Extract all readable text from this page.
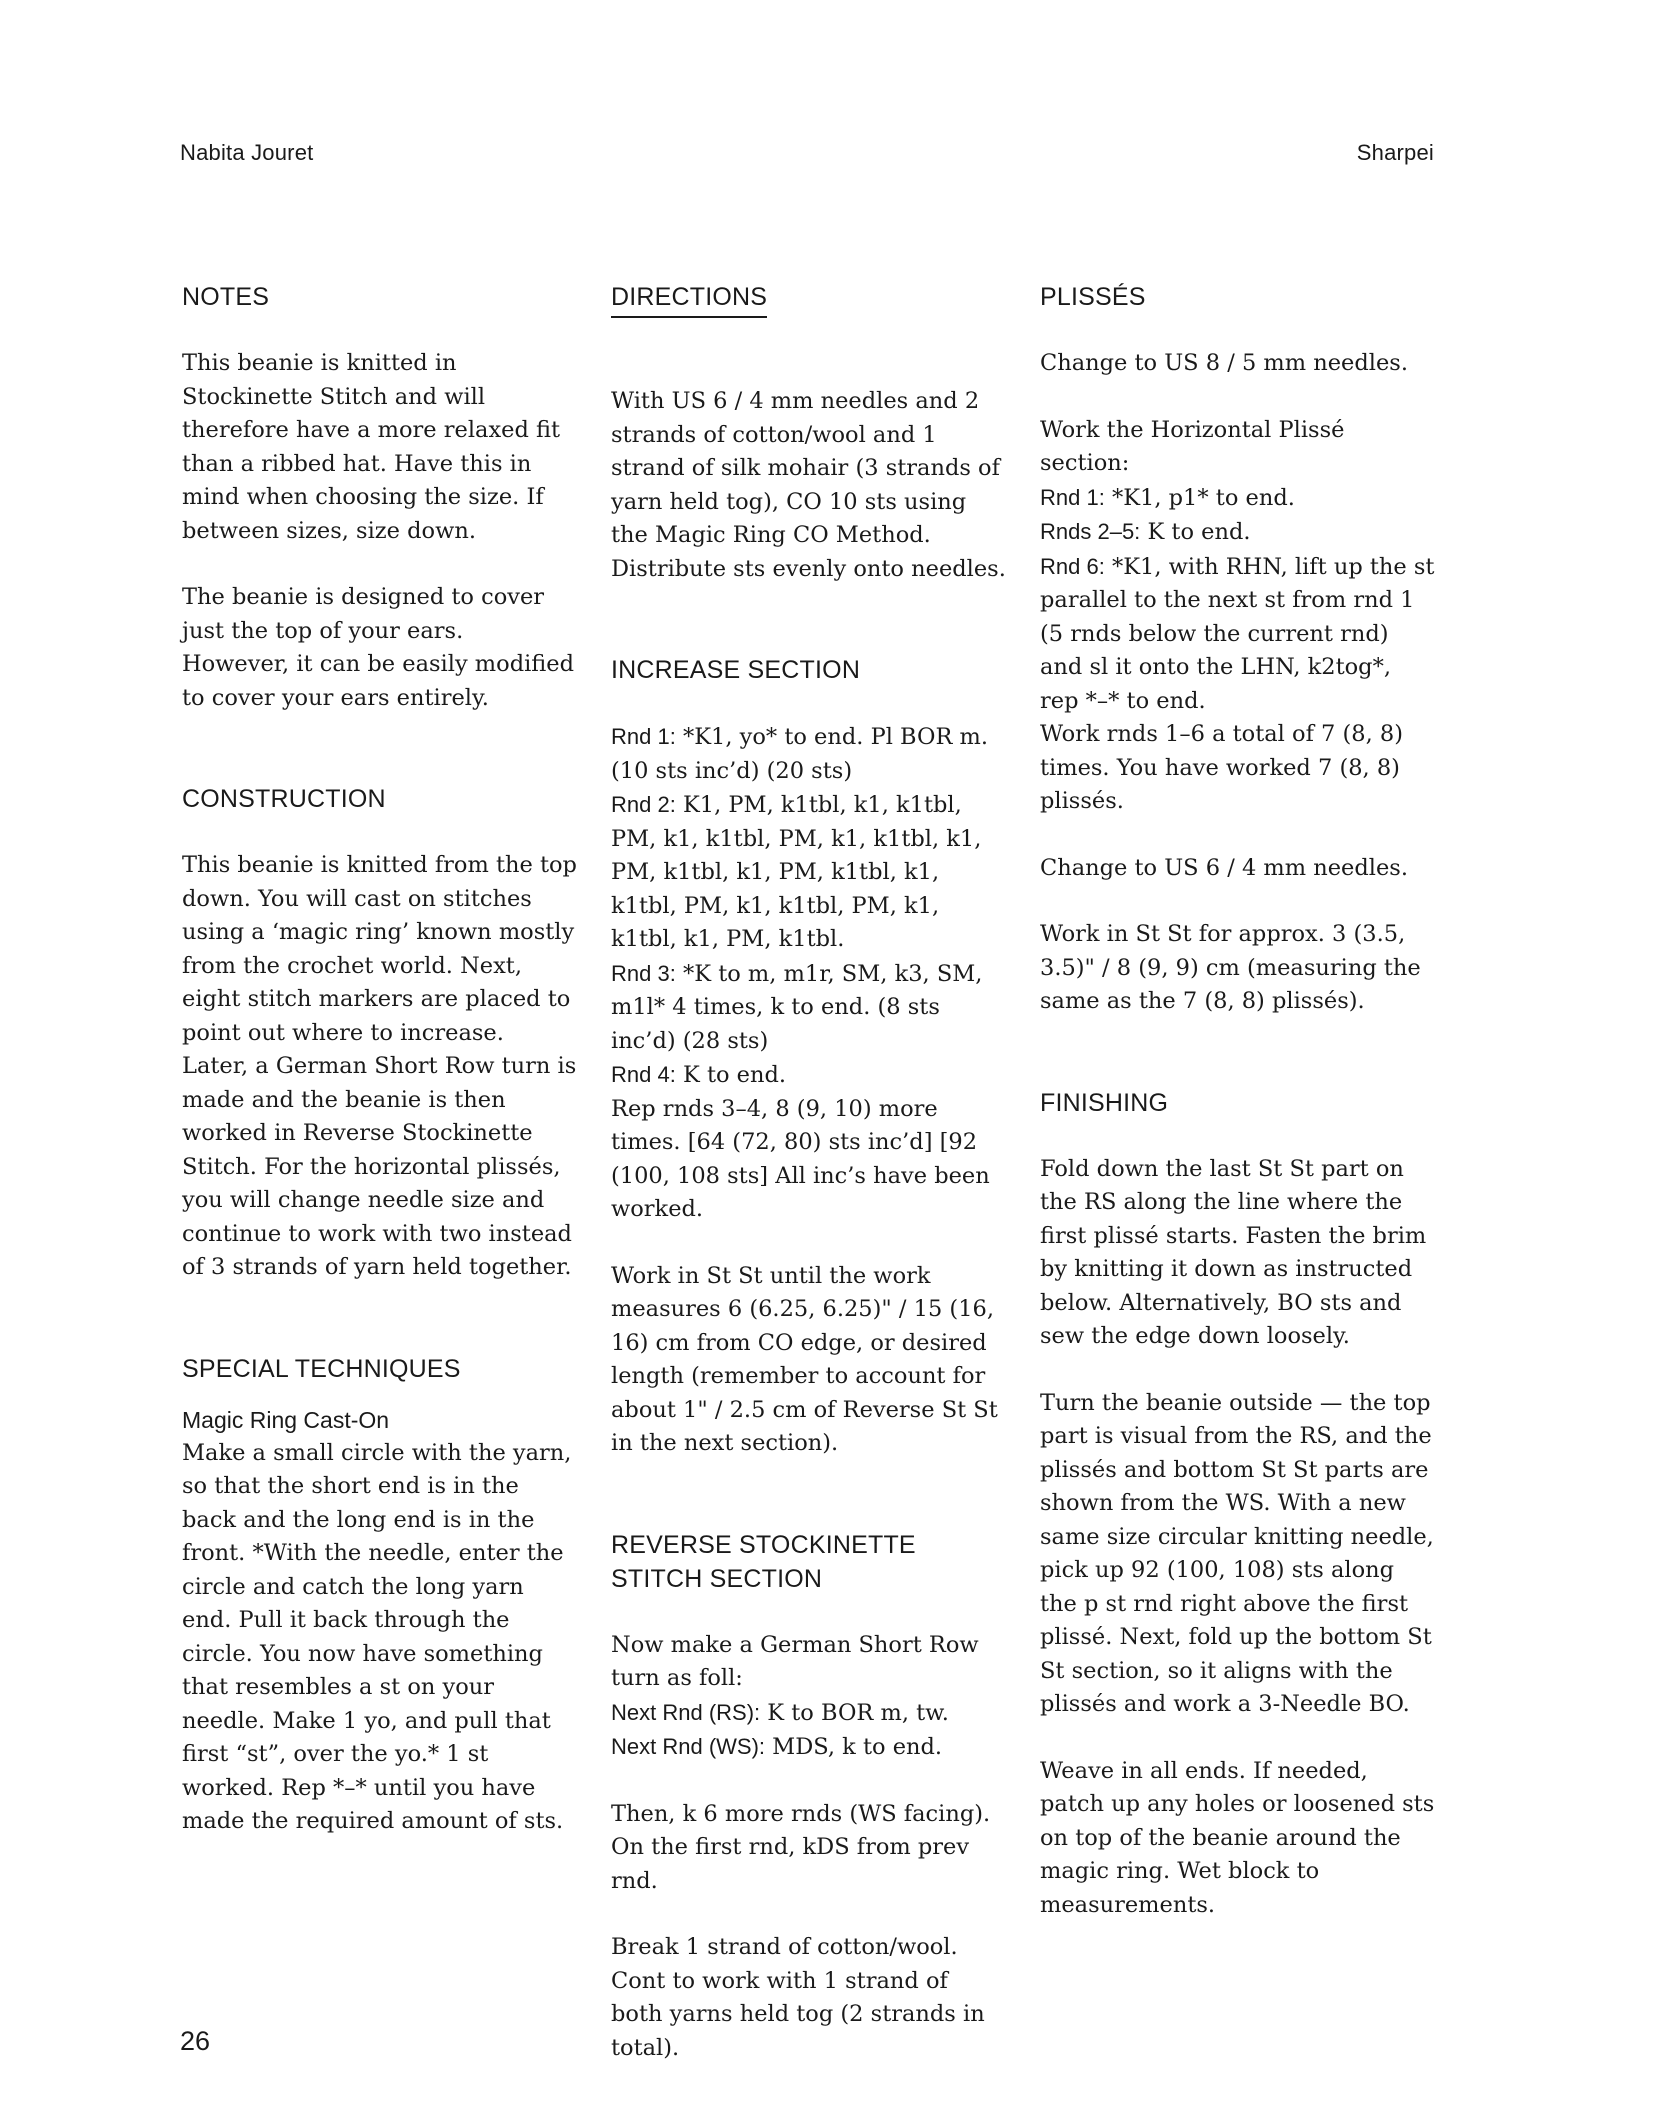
Nabita Jouret	Sharpei
NOTES

This beanie is knitted in Stockinette Stitch and will therefore have a more relaxed fit than a ribbed hat. Have this in mind when choosing the size. If between sizes, size down.

The beanie is designed to cover just the top of your ears. However, it can be easily modified to cover your ears entirely.

CONSTRUCTION

This beanie is knitted from the top down. You will cast on stitches using a ‘magic ring’ known mostly from the crochet world. Next, eight stitch markers are placed to point out where to increase. Later, a German Short Row turn is made and the beanie is then worked in Reverse Stockinette Stitch. For the horizontal plissés, you will change needle size and continue to work with two instead of 3 strands of yarn held together.

SPECIAL TECHNIQUES
Magic Ring Cast-On

Make a small circle with the yarn, so that the short end is in the back and the long end is in the front. *With the needle, enter the circle and catch the long yarn end. Pull it back through the circle. You now have something that resembles a st on your needle. Make 1 yo, and pull that first “st”, over the yo.* 1 st worked. Rep *–* until you have made the required amount of sts.

DIRECTIONS

With US 6 / 4 mm needles and 2 strands of cotton/wool and 1 strand of silk mohair (3 strands of yarn held tog), CO 10 sts using the Magic Ring CO Method. Distribute sts evenly onto needles.

INCREASE SECTION

Rnd 1: *K1, yo* to end. Pl BOR m. (10 sts inc’d) (20 sts)
Rnd 2: K1, PM, k1tbl, k1, k1tbl, PM, k1, k1tbl, PM, k1, k1tbl, k1, PM, k1tbl, k1, PM, k1tbl, k1, k1tbl, PM, k1, k1tbl, PM, k1, k1tbl, k1, PM, k1tbl.
Rnd 3: *K to m, m1r, SM, k3, SM, m1l* 4 times, k to end. (8 sts inc’d) (28 sts)
Rnd 4: K to end.
Rep rnds 3–4, 8 (9, 10) more times. [64 (72, 80) sts inc’d] [92 (100, 108 sts] All inc’s have been worked.

Work in St St until the work measures 6 (6.25, 6.25)" / 15 (16, 16) cm from CO edge, or desired length (remember to account for about 1" / 2.5 cm of Reverse St St in the next section).

REVERSE STOCKINETTE STITCH SECTION

Now make a German Short Row turn as foll:
Next Rnd (RS): K to BOR m, tw.
Next Rnd (WS): MDS, k to end.

Then, k 6 more rnds (WS facing). On the first rnd, kDS from prev rnd.

Break 1 strand of cotton/wool. Cont to work with 1 strand of both yarns held tog (2 strands in total).

PLISSÉS

Change to US 8 / 5 mm needles.

Work the Horizontal Plissé section:
Rnd 1: *K1, p1* to end.
Rnds 2–5: K to end.
Rnd 6: *K1, with RHN, lift up the st parallel to the next st from rnd 1 (5 rnds below the current rnd) and sl it onto the LHN, k2tog*, rep *–* to end.
Work rnds 1–6 a total of 7 (8, 8) times. You have worked 7 (8, 8) plissés.

Change to US 6 / 4 mm needles.

Work in St St for approx. 3 (3.5, 3.5)" / 8 (9, 9) cm (measuring the same as the 7 (8, 8) plissés).

FINISHING

Fold down the last St St part on the RS along the line where the first plissé starts. Fasten the brim by knitting it down as instructed below. Alternatively, BO sts and sew the edge down loosely.

Turn the beanie outside — the top part is visual from the RS, and the plissés and bottom St St parts are shown from the WS. With a new same size circular knitting needle, pick up 92 (100, 108) sts along the p st rnd right above the first plissé. Next, fold up the bottom St St section, so it aligns with the plissés and work a 3-Needle BO.

Weave in all ends. If needed, patch up any holes or loosened sts on top of the beanie around the magic ring. Wet block to measurements.

26
